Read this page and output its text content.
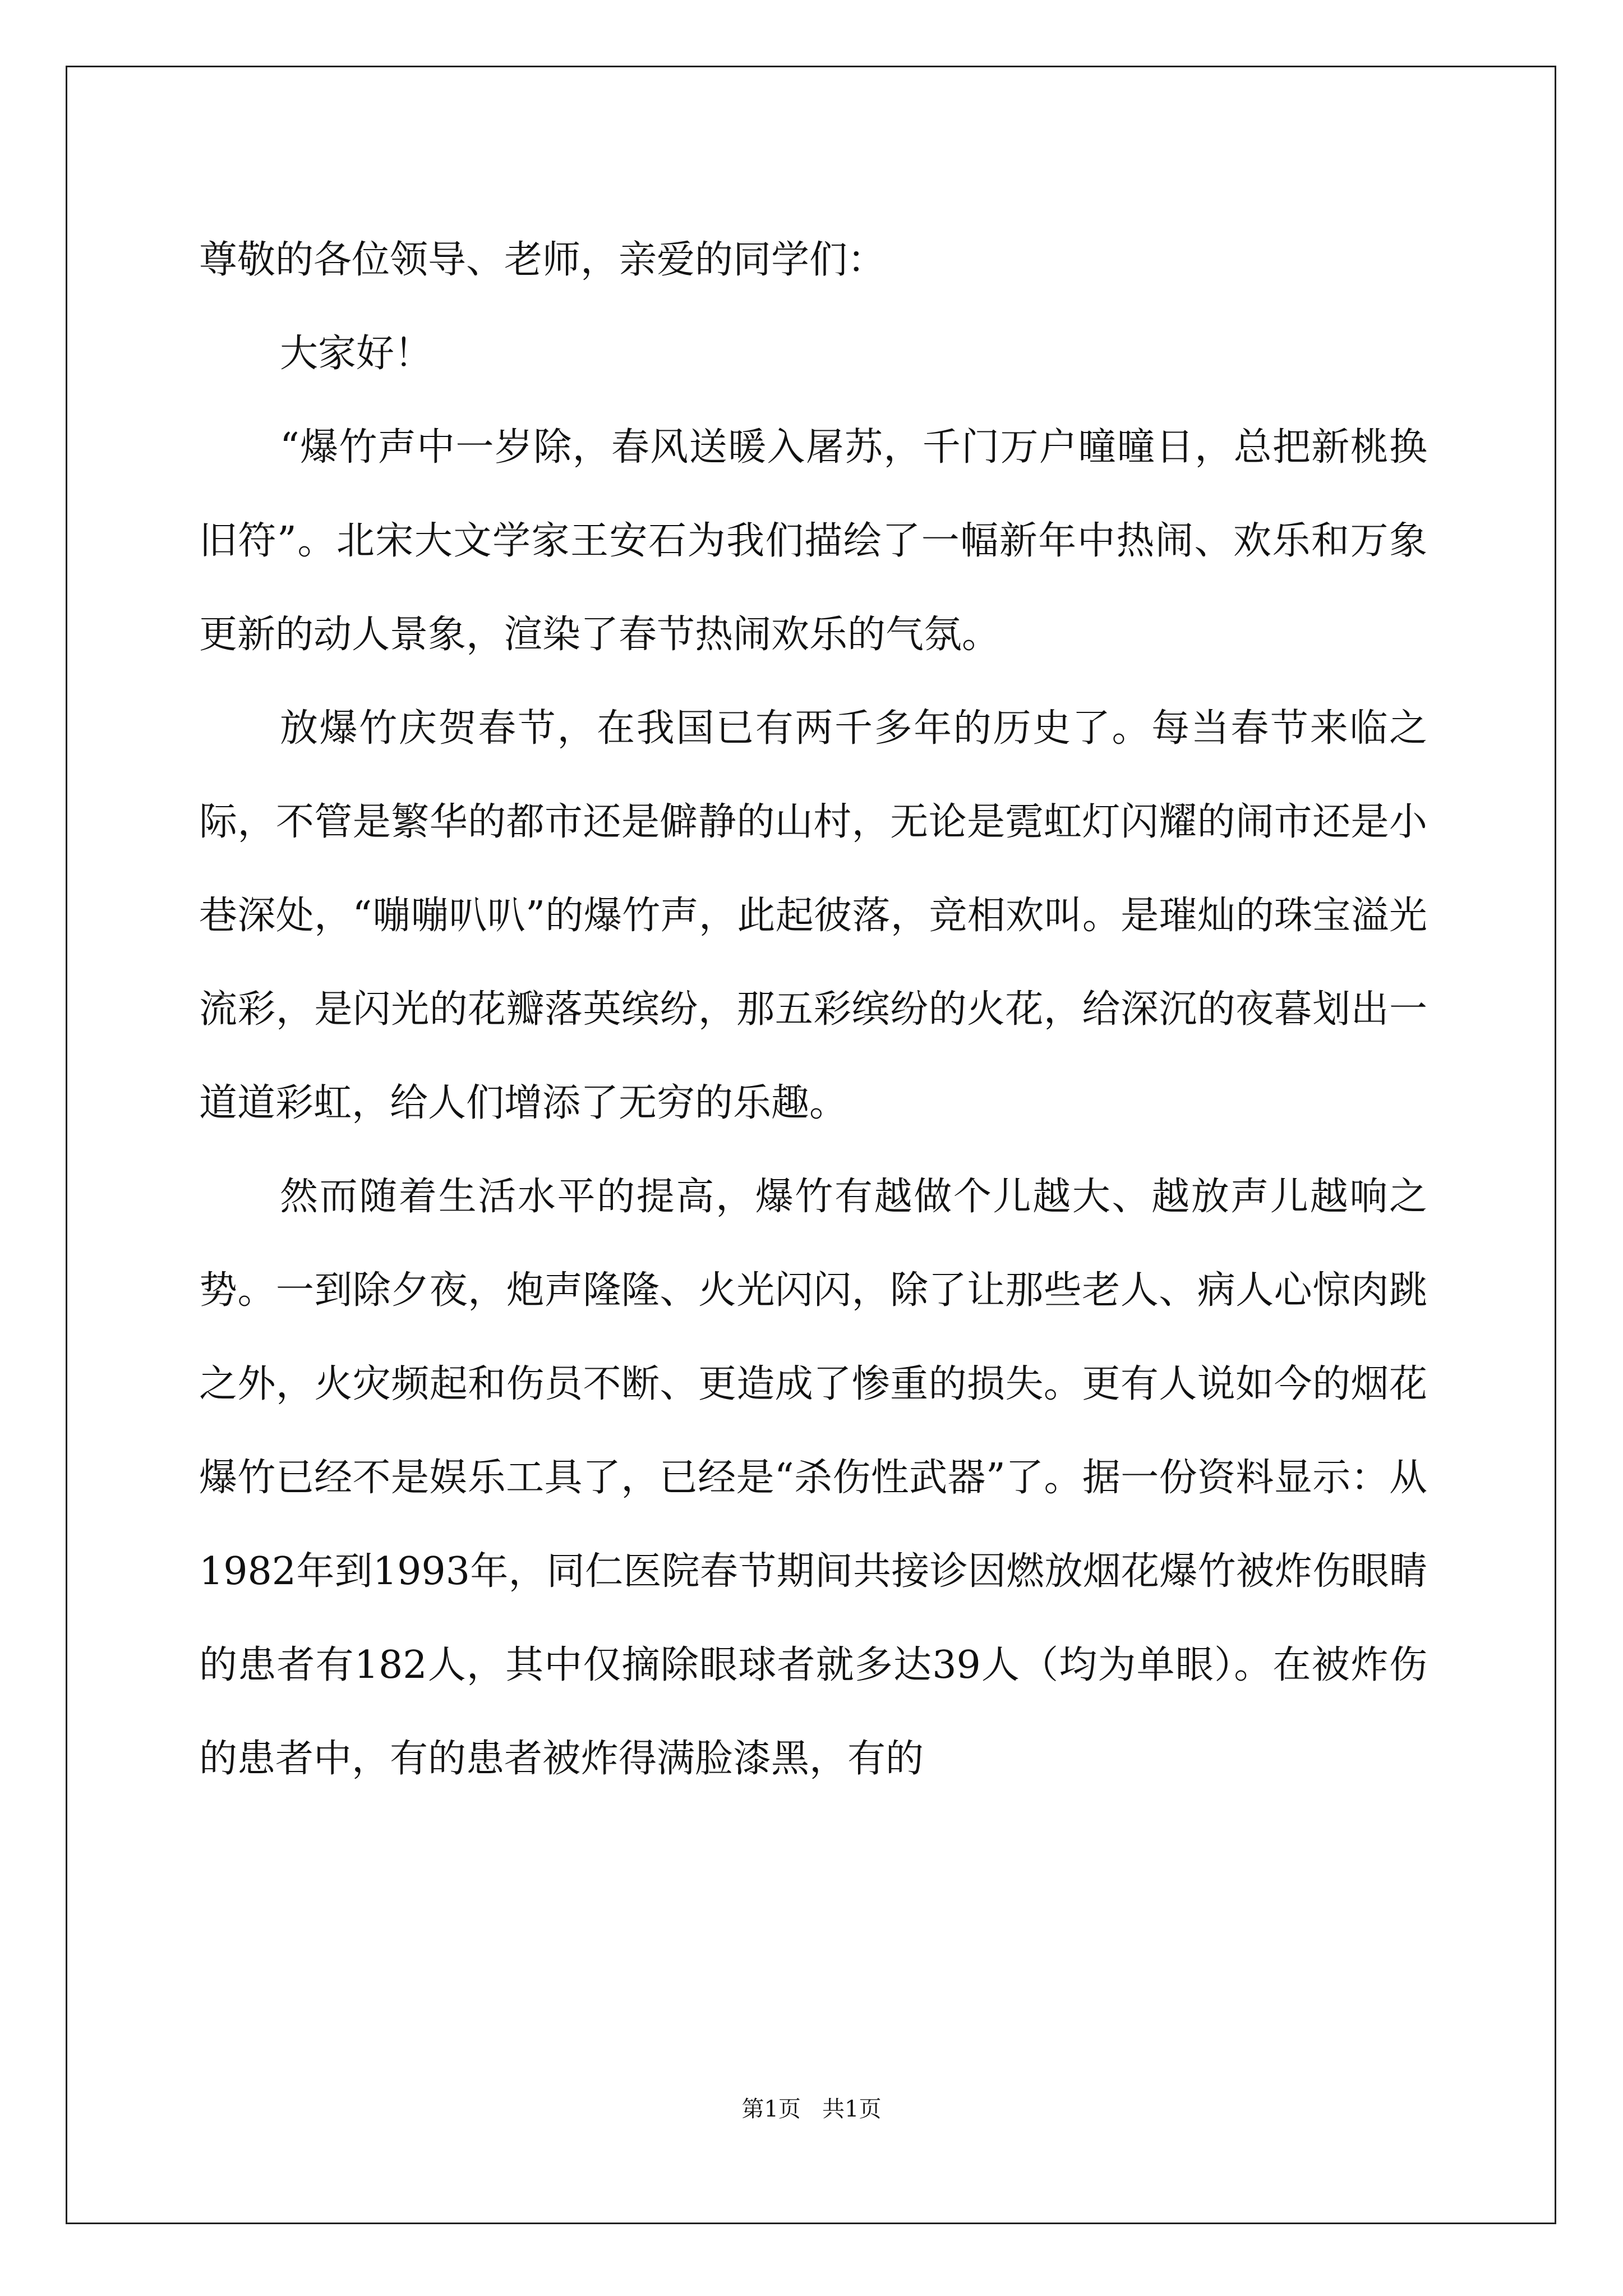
尊敬的各位领导、老师，亲爱的同学们：

大家好！

“爆竹声中一岁除，春风送暖入屠苏，千门万户曈曈日，总把新桃换旧符”。北宋大文学家王安石为我们描绘了一幅新年中热闹、欢乐和万象更新的动人景象，渲染了春节热闹欢乐的气氛。

放爆竹庆贺春节，在我国已有两千多年的历史了。每当春节来临之际，不管是繁华的都市还是僻静的山村，无论是霓虹灯闪耀的闹市还是小巷深处，“嘣嘣叭叭”的爆竹声，此起彼落，竞相欢叫。是璀灿的珠宝溢光流彩，是闪光的花瓣落英缤纷，那五彩缤纷的火花，给深沉的夜暮划出一道道彩虹，给人们增添了无穷的乐趣。

然而随着生活水平的提高，爆竹有越做个儿越大、越放声儿越响之势。一到除夕夜，炮声隆隆、火光闪闪，除了让那些老人、病人心惊肉跳之外，火灾频起和伤员不断、更造成了惨重的损失。更有人说如今的烟花爆竹已经不是娱乐工具了，已经是“杀伤性武器”了。据一份资料显示：从1982年到1993年，同仁医院春节期间共接诊因燃放烟花爆竹被炸伤眼睛的患者有182人，其中仅摘除眼球者就多达39人（均为单眼）。在被炸伤的患者中，有的患者被炸得满脸漆黑，有的

第1页   共1页
